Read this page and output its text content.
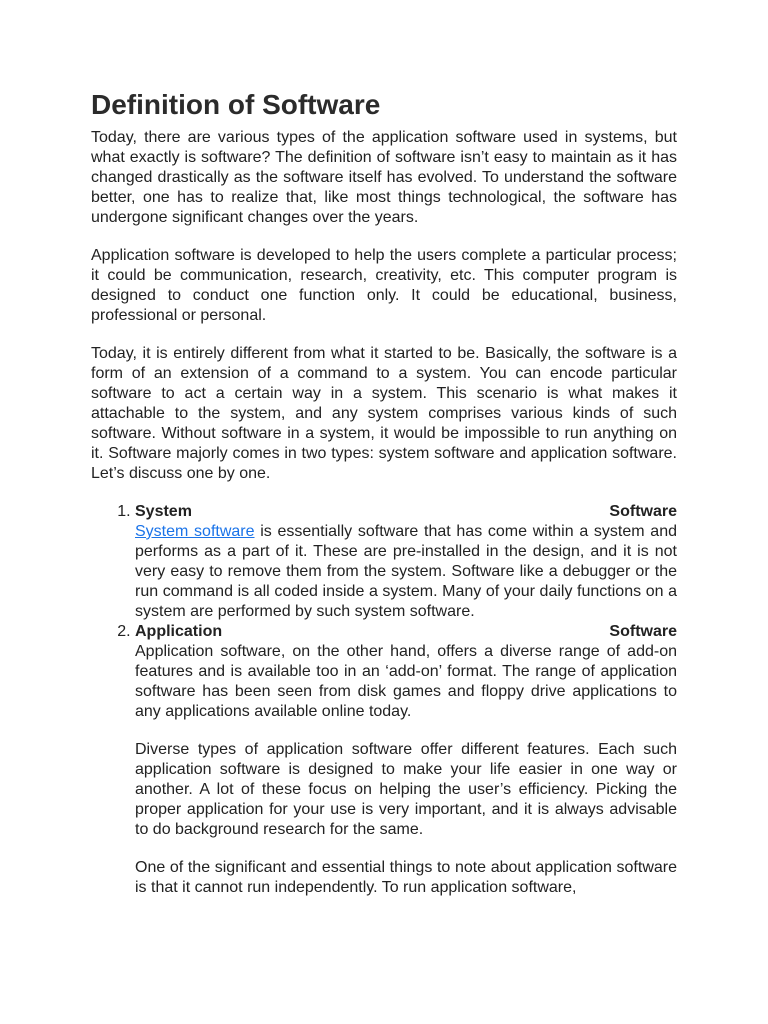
Definition of Software

Today, there are various types of the application software used in systems, but what exactly is software? The definition of software isn’t easy to maintain as it has changed drastically as the software itself has evolved. To understand the software better, one has to realize that, like most things technological, the software has undergone significant changes over the years.

Application software is developed to help the users complete a particular process; it could be communication, research, creativity, etc. This computer program is designed to conduct one function only. It could be educational, business, professional or personal.

Today, it is entirely different from what it started to be. Basically, the software is a form of an extension of a command to a system. You can encode particular software to act a certain way in a system. This scenario is what makes it attachable to the system, and any system comprises various kinds of such software. Without software in a system, it would be impossible to run anything on it. Software majorly comes in two types: system software and application software. Let’s discuss one by one.

1. System	Software
System software is essentially software that has come within a system and performs as a part of it. These are pre-installed in the design, and it is not very easy to remove them from the system. Software like a debugger or the run command is all coded inside a system. Many of your daily functions on a system are performed by such system software.
2. Application	Software
Application software, on the other hand, offers a diverse range of add-on features and is available too in an ‘add-on’ format. The range of application software has been seen from disk games and floppy drive applications to any applications available online today.
Diverse types of application software offer different features. Each such application software is designed to make your life easier in one way or another. A lot of these focus on helping the user’s efficiency. Picking the proper application for your use is very important, and it is always advisable to do background research for the same.
One of the significant and essential things to note about application software is that it cannot run independently. To run application software,
